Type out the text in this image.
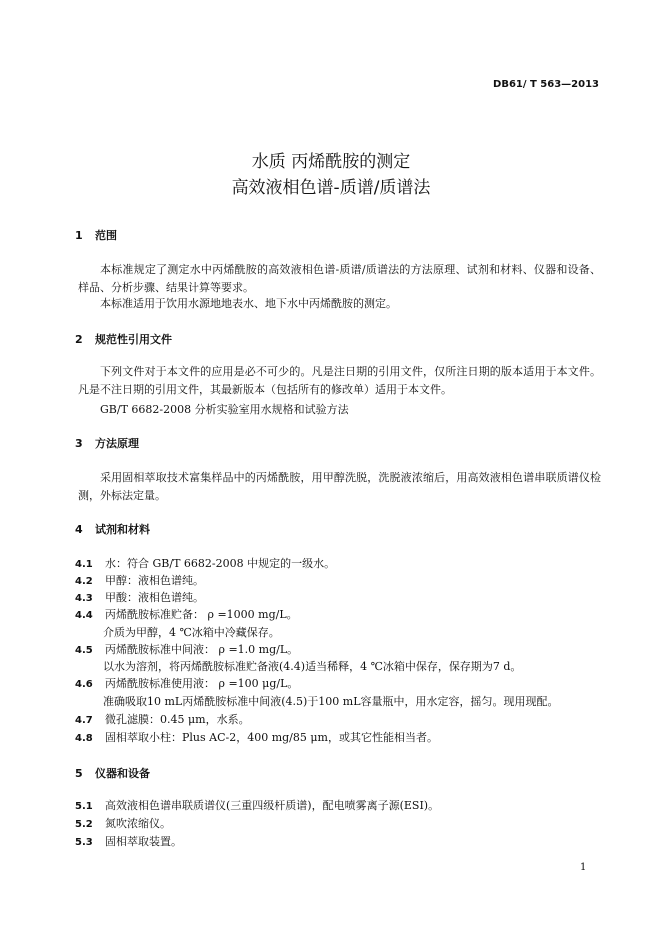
DB61/ T 563—2013
水质 丙烯酰胺的测定
高效液相色谱-质谱/质谱法
1 范围
本标准规定了测定水中丙烯酰胺的高效液相色谱-质谱/质谱法的方法原理、试剂和材料、仪器和设备、样品、分析步骤、结果计算等要求。
本标准适用于饮用水源地地表水、地下水中丙烯酰胺的测定。
2 规范性引用文件
下列文件对于本文件的应用是必不可少的。凡是注日期的引用文件，仅所注日期的版本适用于本文件。凡是不注日期的引用文件，其最新版本（包括所有的修改单）适用于本文件。
GB/T 6682-2008 分析实验室用水规格和试验方法
3 方法原理
采用固相萃取技术富集样品中的丙烯酰胺，用甲醇洗脱，洗脱液浓缩后，用高效液相色谱串联质谱仪检测，外标法定量。
4 试剂和材料
4.1 水：符合 GB/T 6682-2008 中规定的一级水。
4.2 甲醇：液相色谱纯。
4.3 甲酸：液相色谱纯。
4.4 丙烯酰胺标准贮备： ρ =1000 mg/L。
介质为甲醇，4 ℃冰箱中冷藏保存。
4.5 丙烯酰胺标准中间液： ρ =1.0 mg/L。
以水为溶剂，将丙烯酰胺标准贮备液(4.4)适当稀释，4 ℃冰箱中保存，保存期为7 d。
4.6 丙烯酰胺标准使用液： ρ =100 μg/L。
准确吸取10 mL丙烯酰胺标准中间液(4.5)于100 mL容量瓶中，用水定容，摇匀。现用现配。
4.7 微孔滤膜：0.45 μm，水系。
4.8 固相萃取小柱：Plus AC-2，400 mg/85 μm，或其它性能相当者。
5 仪器和设备
5.1 高效液相色谱串联质谱仪(三重四级杆质谱)，配电喷雾离子源(ESI)。
5.2 氮吹浓缩仪。
5.3 固相萃取装置。
1
